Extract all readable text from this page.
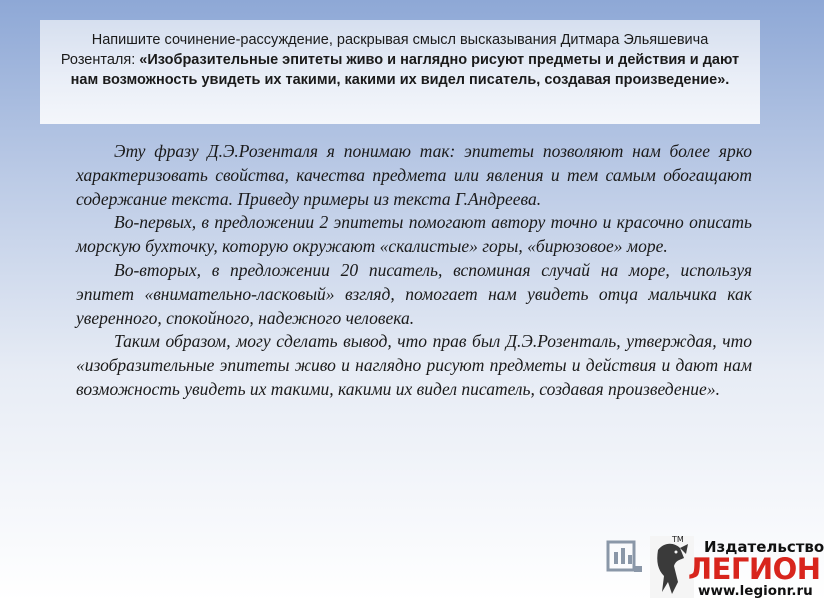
Напишите сочинение-рассуждение, раскрывая смысл высказывания Дитмара Эльяшевича Розенталя: «Изобразительные эпитеты живо и наглядно рисуют предметы и действия и дают нам возможность увидеть их такими, какими их видел писатель, создавая произведение».

Эту фразу Д.Э.Розенталя я понимаю так: эпитеты позволяют нам более ярко характеризовать свойства, качества предмета или явления и тем самым обогащают содержание текста. Приведу примеры из текста Г.Андреева.

Во-первых, в предложении 2 эпитеты помогают автору точно и красочно описать морскую бухточку, которую окружают «скалистые» горы, «бирюзовое» море.

Во-вторых, в предложении 20 писатель, вспоминая случай на море, используя эпитет «внимательно-ласковый» взгляд, помогает нам увидеть отца мальчика как уверенного, спокойного, надежного человека.

Таким образом, могу сделать вывод, что прав был Д.Э.Розенталь, утверждая, что «изобразительные эпитеты живо и наглядно рисуют предметы и действия и дают нам возможность увидеть их такими, какими их видел писатель, создавая произведение».

TM Издательство
ЛЕГИОН
www.legionr.ru
